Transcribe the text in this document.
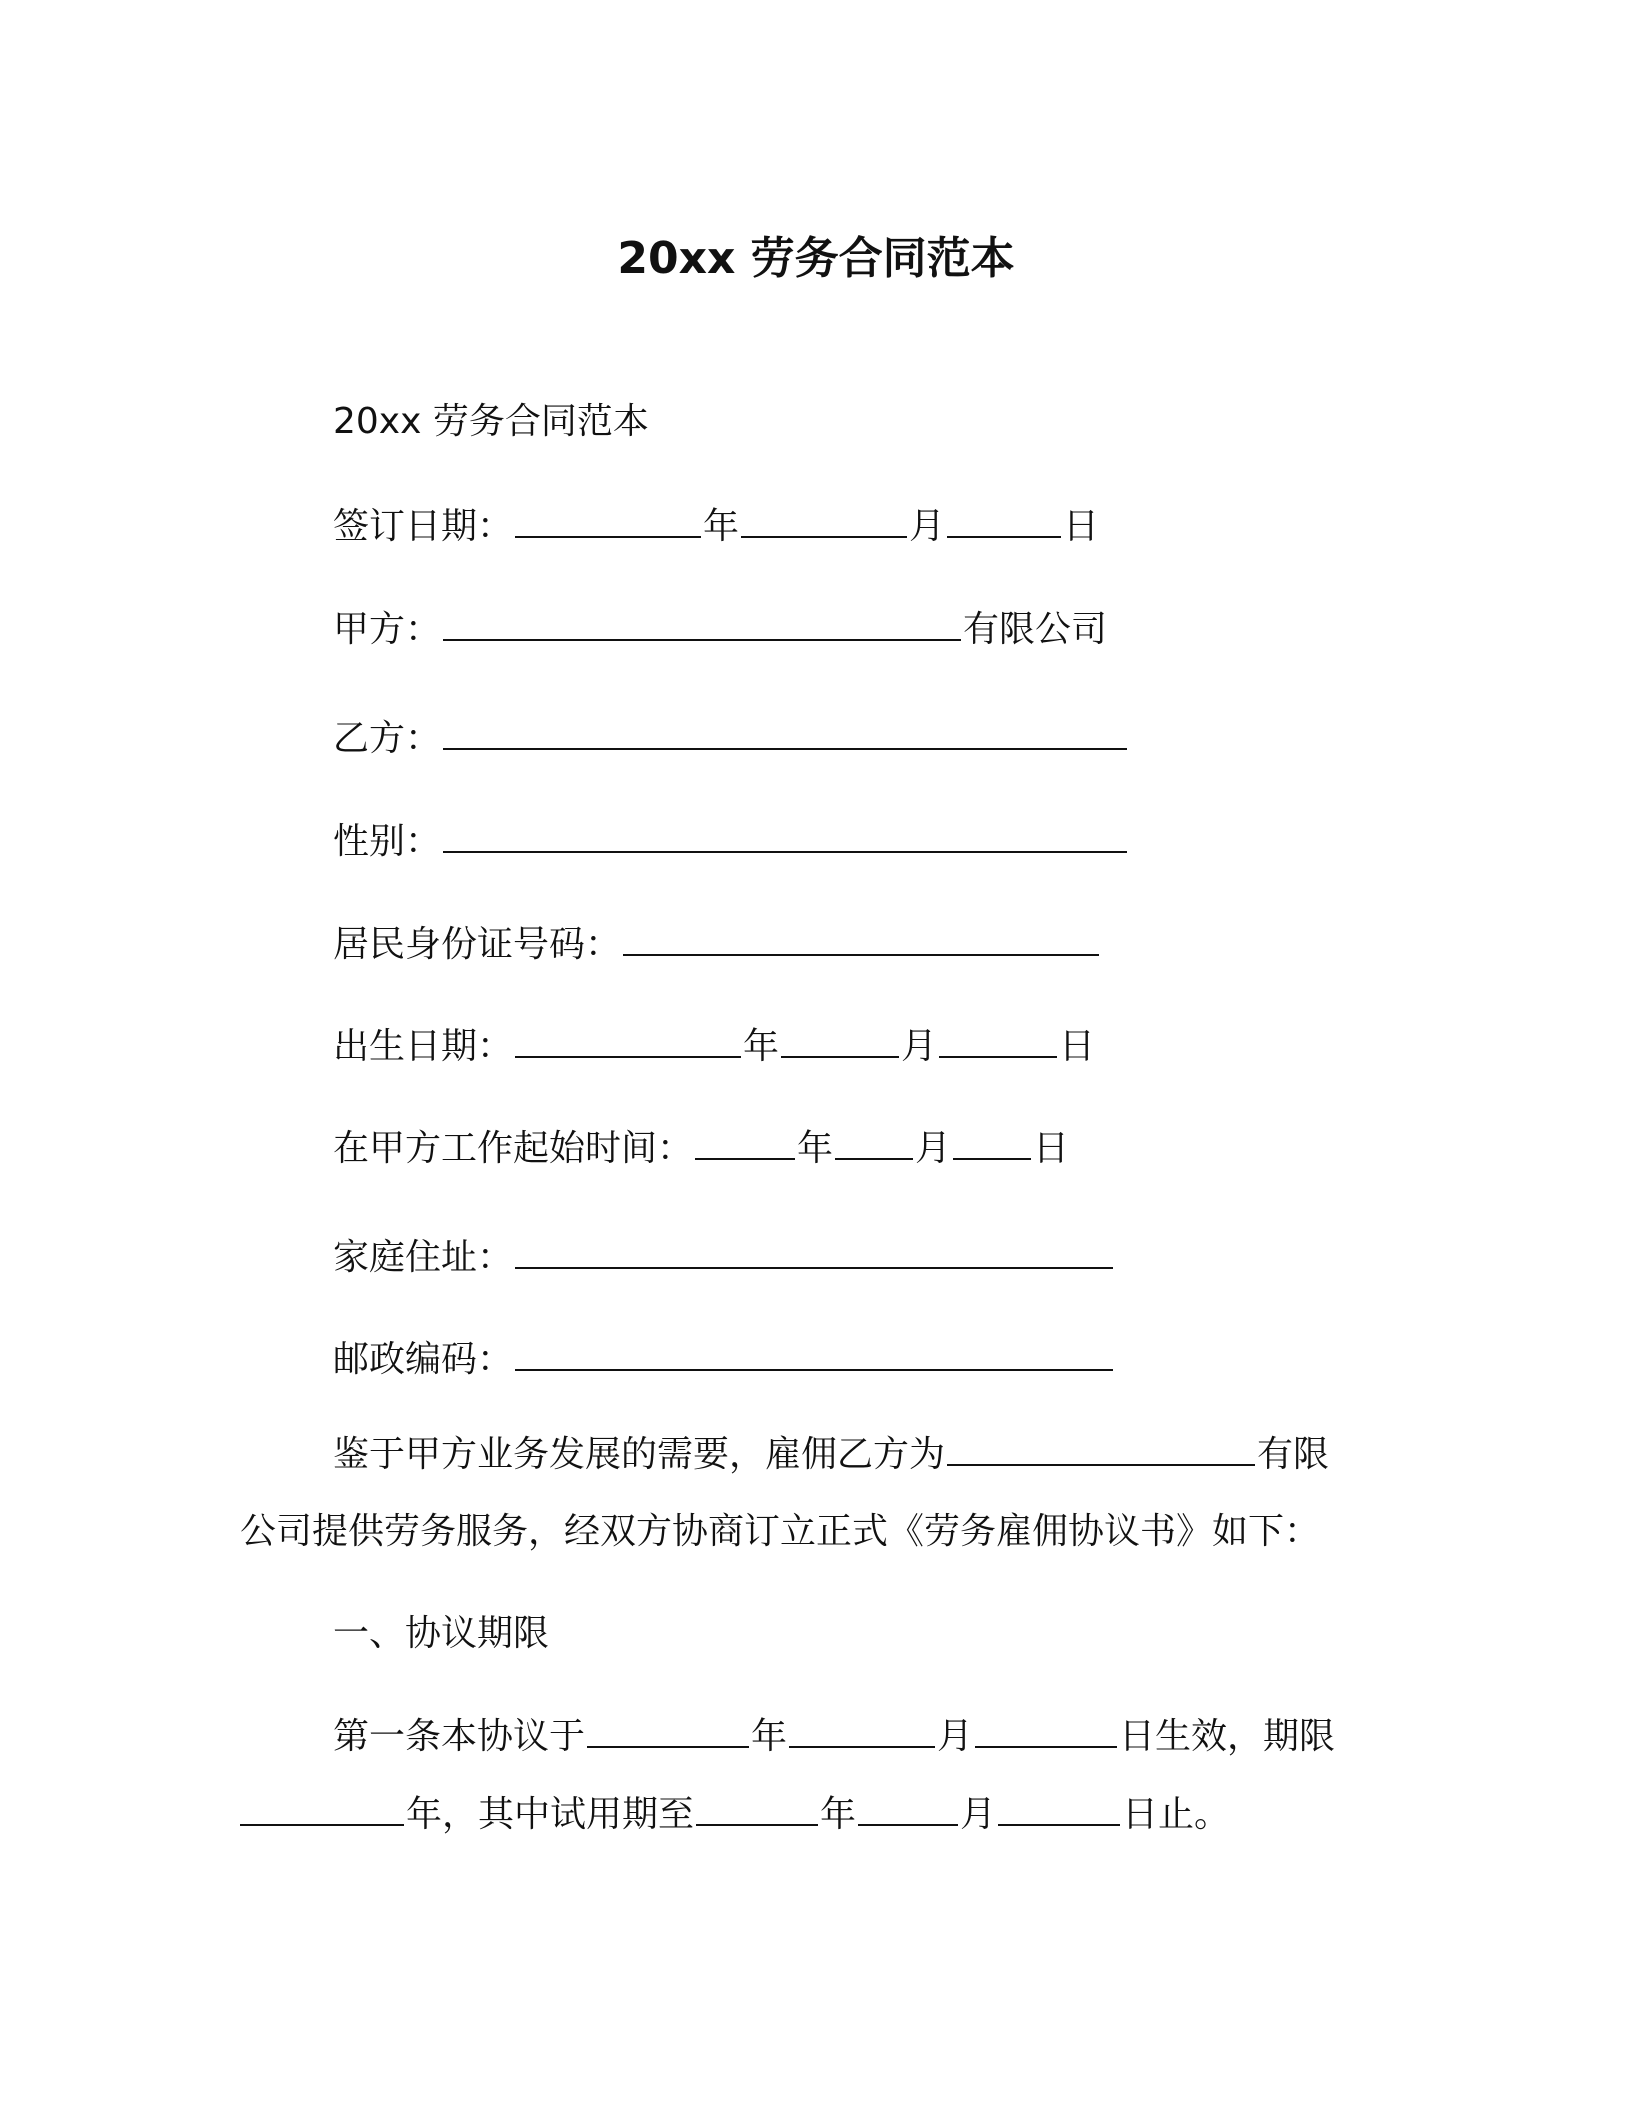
20xx 劳务合同范本
20xx 劳务合同范本
签订日期：	年	月	日
甲方：	有限公司
乙方：
性别：
居民身份证号码：
出生日期：	年	月	日
在甲方工作起始时间：	年 月 日
家庭住址：
邮政编码：
鉴于甲方业务发展的需要，雇佣乙方为	有限
公司提供劳务服务，经双方协商订立正式《劳务雇佣协议书》如下：
一、协议期限
第一条本协议于	年	月	日生效，期限
年，其中试用期至	年	月	日止。
